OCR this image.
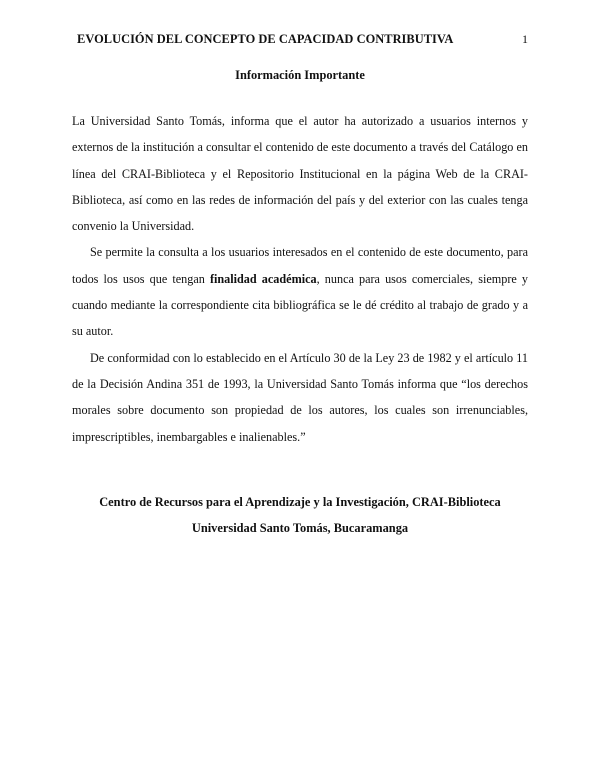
EVOLUCIÓN DEL CONCEPTO DE CAPACIDAD CONTRIBUTIVA	1
Información Importante

La Universidad Santo Tomás, informa que el autor ha autorizado a usuarios internos y externos de la institución a consultar el contenido de este documento a través del Catálogo en línea del CRAI-Biblioteca y el Repositorio Institucional en la página Web de la CRAI-Biblioteca, así como en las redes de información del país y del exterior con las cuales tenga convenio la Universidad.

Se permite la consulta a los usuarios interesados en el contenido de este documento, para todos los usos que tengan finalidad académica, nunca para usos comerciales, siempre y cuando mediante la correspondiente cita bibliográfica se le dé crédito al trabajo de grado y a su autor.

De conformidad con lo establecido en el Artículo 30 de la Ley 23 de 1982 y el artículo 11 de la Decisión Andina 351 de 1993, la Universidad Santo Tomás informa que “los derechos morales sobre documento son propiedad de los autores, los cuales son irrenunciables, imprescriptibles, inembargables e inalienables.”

Centro de Recursos para el Aprendizaje y la Investigación, CRAI-Biblioteca
Universidad Santo Tomás, Bucaramanga
